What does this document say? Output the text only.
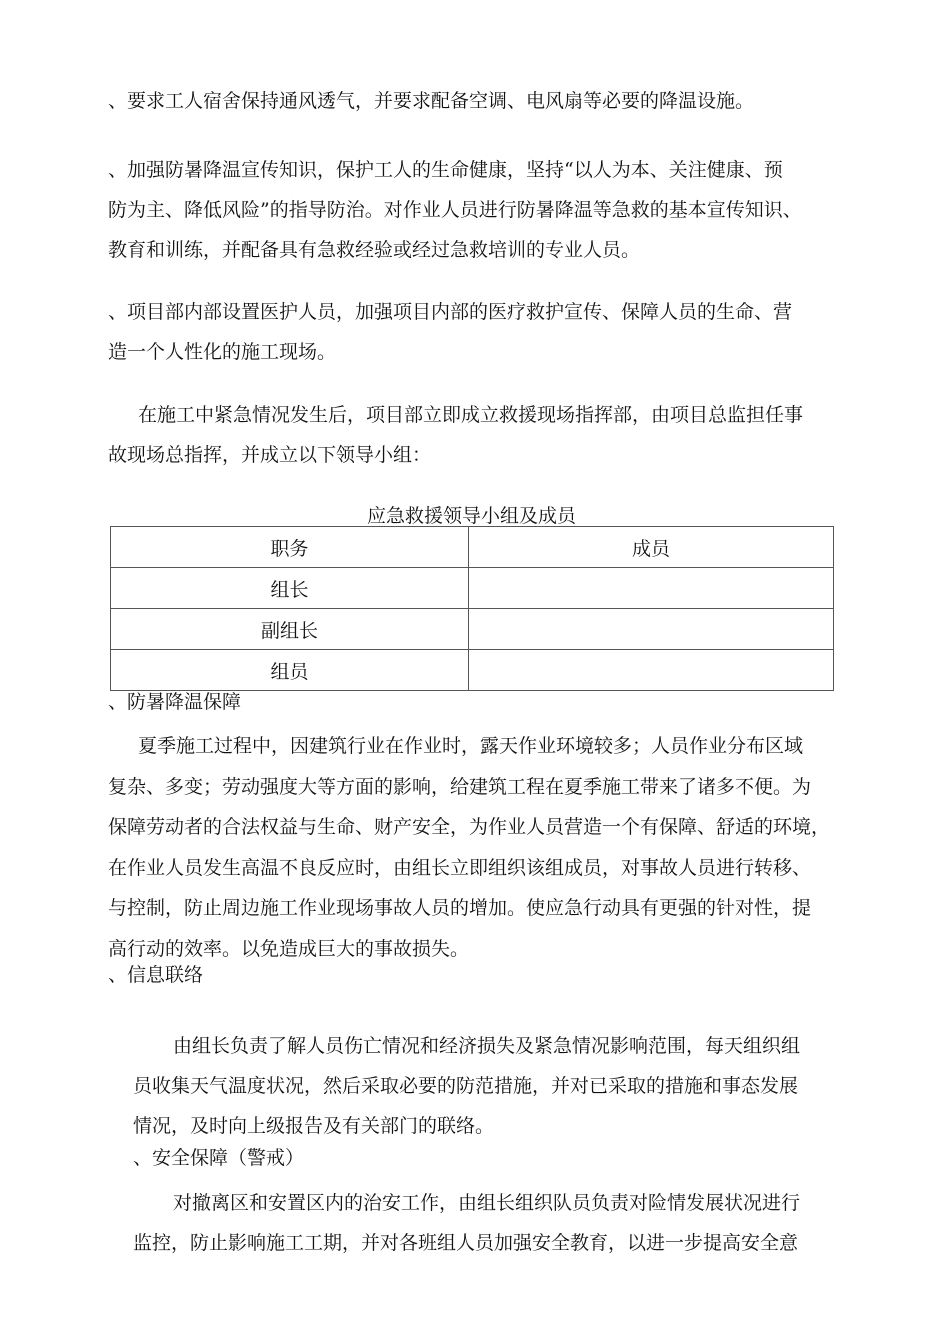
、要求工人宿舍保持通风透气，并要求配备空调、电风扇等必要的降温设施。

、加强防暑降温宣传知识，保护工人的生命健康，坚持“以人为本、关注健康、预

防为主、降低风险”的指导防治。对作业人员进行防暑降温等急救的基本宣传知识、

教育和训练，并配备具有急救经验或经过急救培训的专业人员。

、项目部内部设置医护人员，加强项目内部的医疗救护宣传、保障人员的生命、营

造一个人性化的施工现场。

在施工中紧急情况发生后，项目部立即成立救援现场指挥部，由项目总监担任事

故现场总指挥，并成立以下领导小组：

应急救援领导小组及成员
职务	成员
组长	
副组长	
组员	

、防暑降温保障

夏季施工过程中，因建筑行业在作业时，露天作业环境较多；人员作业分布区域

复杂、多变；劳动强度大等方面的影响，给建筑工程在夏季施工带来了诸多不便。为

保障劳动者的合法权益与生命、财产安全，为作业人员营造一个有保障、舒适的环境，

在作业人员发生高温不良反应时，由组长立即组织该组成员，对事故人员进行转移、

与控制，防止周边施工作业现场事故人员的增加。使应急行动具有更强的针对性，提

高行动的效率。以免造成巨大的事故损失。

、信息联络

由组长负责了解人员伤亡情况和经济损失及紧急情况影响范围，每天组织组

员收集天气温度状况，然后采取必要的防范措施，并对已采取的措施和事态发展

情况，及时向上级报告及有关部门的联络。

、安全保障（警戒）

对撤离区和安置区内的治安工作，由组长组织队员负责对险情发展状况进行

监控，防止影响施工工期，并对各班组人员加强安全教育，以进一步提高安全意
